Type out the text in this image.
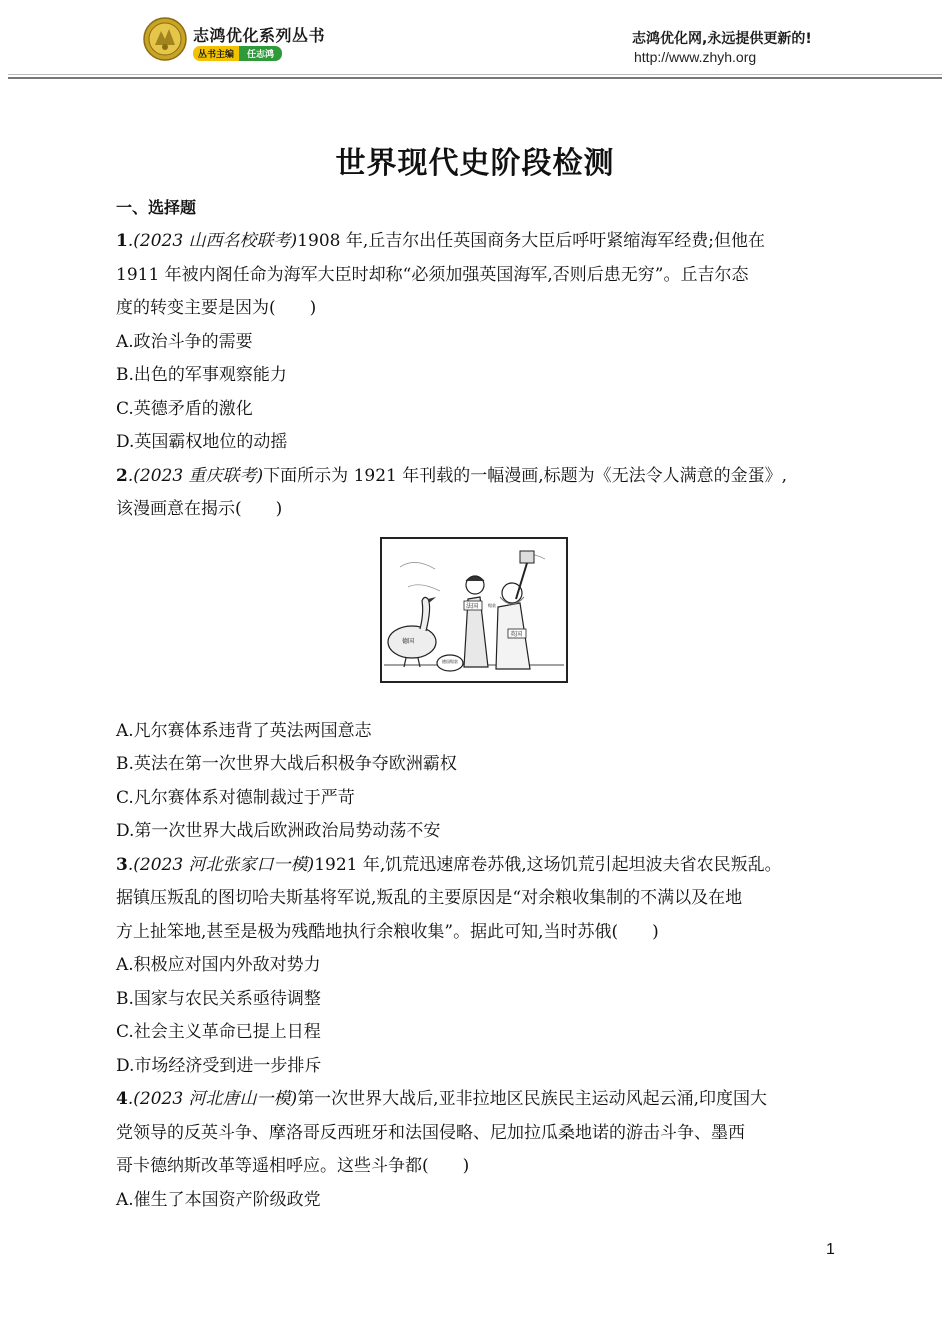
志鸿优化系列丛书
丛书主编	任志鸿
志鸿优化网,永远提供更新的!
http://www.zhyh.org
世界现代史阶段检测
一、选择题
1.(2023 山西名校联考)1908 年,丘吉尔出任英国商务大臣后呼吁紧缩海军经费;但他在
1911 年被内阁任命为海军大臣时却称“必须加强英国海军,否则后患无穷”。丘吉尔态
度的转变主要是因为(　　)
A.政治斗争的需要
B.出色的军事观察能力
C.英德矛盾的激化
D.英国霸权地位的动摇
2.(2023 重庆联考)下面所示为 1921 年刊载的一幅漫画,标题为《无法令人满意的金蛋》,
该漫画意在揭示(　　)
德国
德国赔款
法国
英国
赔款
A.凡尔赛体系违背了英法两国意志
B.英法在第一次世界大战后积极争夺欧洲霸权
C.凡尔赛体系对德制裁过于严苛
D.第一次世界大战后欧洲政治局势动荡不安
3.(2023 河北张家口一模)1921 年,饥荒迅速席卷苏俄,这场饥荒引起坦波夫省农民叛乱。
据镇压叛乱的图切哈夫斯基将军说,叛乱的主要原因是“对余粮收集制的不满以及在地
方上扯笨地,甚至是极为残酷地执行余粮收集”。据此可知,当时苏俄(　　)
A.积极应对国内外敌对势力
B.国家与农民关系亟待调整
C.社会主义革命已提上日程
D.市场经济受到进一步排斥
4.(2023 河北唐山一模)第一次世界大战后,亚非拉地区民族民主运动风起云涌,印度国大
党领导的反英斗争、摩洛哥反西班牙和法国侵略、尼加拉瓜桑地诺的游击斗争、墨西
哥卡德纳斯改革等遥相呼应。这些斗争都(　　)
A.催生了本国资产阶级政党
1
